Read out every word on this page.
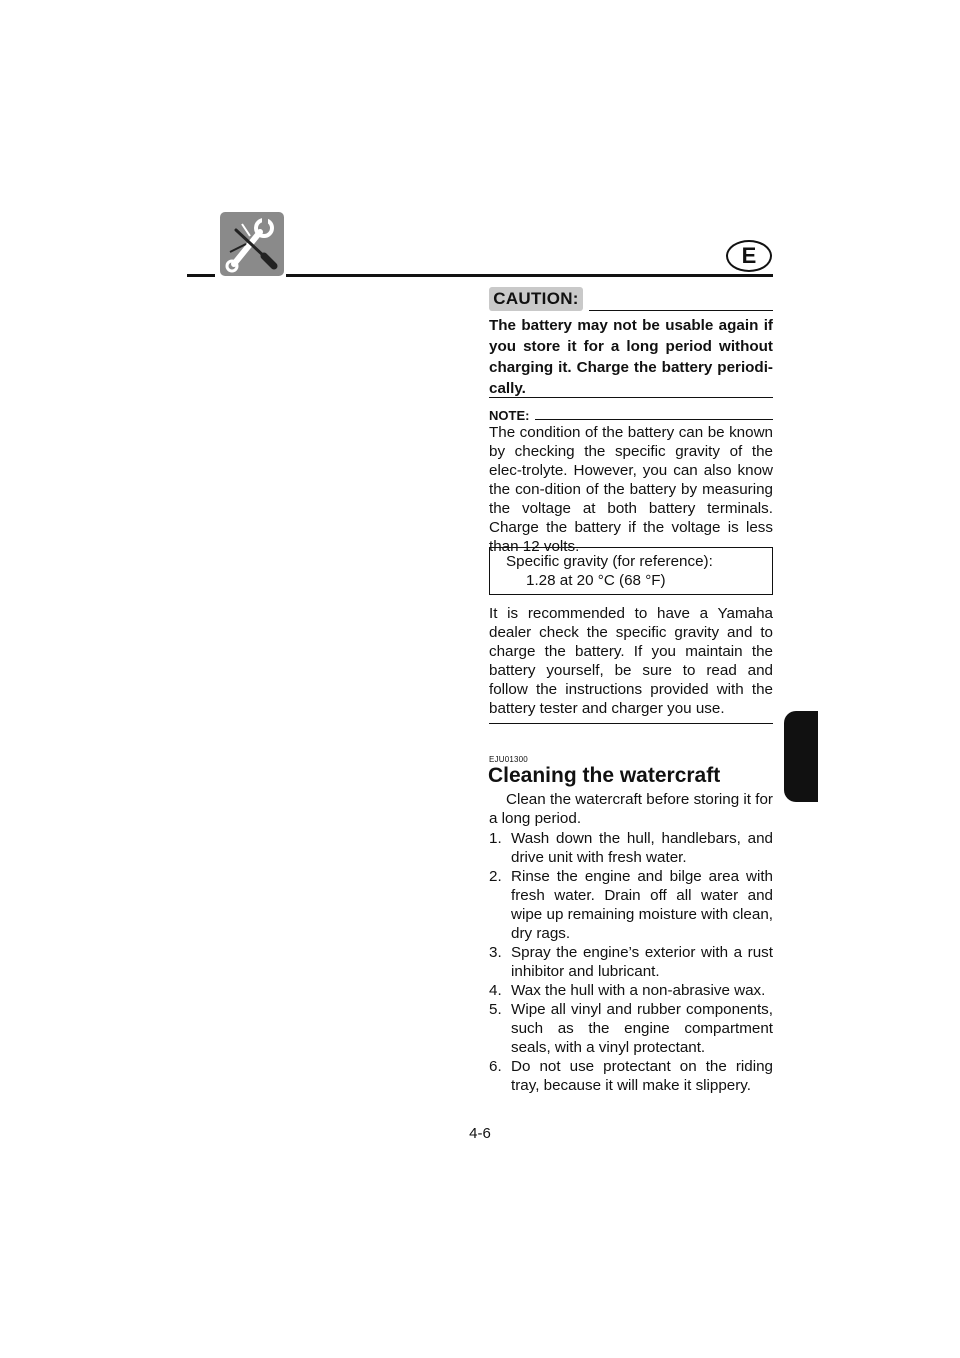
E
CAUTION:
The battery may not be usable again if you store it for a long period without charging it. Charge the battery periodi-cally.
NOTE:
The condition of the battery can be known by checking the specific gravity of the elec-trolyte. However, you can also know the con-dition of the battery by measuring the voltage at both battery terminals. Charge the battery if the voltage is less than 12 volts.
Specific gravity (for reference):
1.28 at 20 °C (68 °F)
It is recommended to have a Yamaha dealer check the specific gravity and to charge the battery. If you maintain the battery yourself, be sure to read and follow the instructions provided with the battery tester and charger you use.
EJU01300
Cleaning the watercraft
Clean the watercraft before storing it for a long period.
1. Wash down the hull, handlebars, and drive unit with fresh water.
2. Rinse the engine and bilge area with fresh water. Drain off all water and wipe up remaining moisture with clean, dry rags.
3. Spray the engine’s exterior with a rust inhibitor and lubricant.
4. Wax the hull with a non-abrasive wax.
5. Wipe all vinyl and rubber components, such as the engine compartment seals, with a vinyl protectant.
6. Do not use protectant on the riding tray, because it will make it slippery.
4-6
